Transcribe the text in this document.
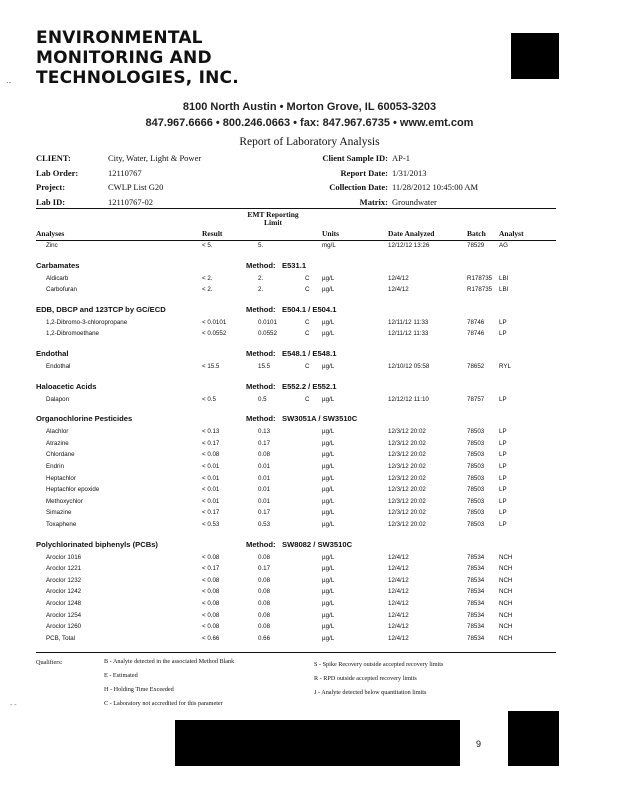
ENVIRONMENTAL
MONITORING AND
TECHNOLOGIES, INC.
·-
8100 North Austin • Morton Grove, IL 60053-3203
847.967.6666 • 800.246.0663 • fax: 847.967.6735 • www.emt.com
Report of Laboratory Analysis
CLIENT:	City, Water, Light & Power
Lab Order:	12110767
Project:	CWLP List G20
Lab ID:	12110767-02
Client Sample ID: AP-1
Report Date: 1/31/2013
Collection Date: 11/28/2012 10:45:00 AM
Matrix: Groundwater
Analyses	Result
EMT Reporting Limit
Units	Date Analyzed	Batch Analyst
Zinc	< 5.	5.	mg/L	12/12/12 13:26	78529 AG
Carbamates	Method: E531.1
Aldicarb	< 2.	2.	C µg/L	12/4/12	R178735 LBI
Carbofuran	< 2.	2.	C µg/L	12/4/12	R178735 LBI
EDB, DBCP and 123TCP by GC/ECD	Method: E504.1 / E504.1
1,2-Dibromo-3-chloropropane	< 0.0101	0.0101	C µg/L	12/11/12 11:33	78746 LP
1,2-Dibromoethane	< 0.0552	0.0552	C µg/L	12/11/12 11:33	78746 LP
Endothal	Method: E548.1 / E548.1
Endothal	< 15.5	15.5	C µg/L	12/10/12 05:58	78652 RYL
Haloacetic Acids	Method: E552.2 / E552.1
Dalapon	< 0.5	0.5	C µg/L	12/12/12 11:10	78757 LP
Organochlorine Pesticides	Method: SW3051A / SW3510C
Alachlor	< 0.13	0.13	µg/L	12/3/12 20:02	78503 LP
Atrazine	< 0.17	0.17	µg/L	12/3/12 20:02	78503 LP
Chlordane	< 0.08	0.08	µg/L	12/3/12 20:02	78503 LP
Endrin	< 0.01	0.01	µg/L	12/3/12 20:02	78503 LP
Heptachlor	< 0.01	0.01	µg/L	12/3/12 20:02	78503 LP
Heptachlor epoxide	< 0.01	0.01	µg/L	12/3/12 20:02	78503 LP
Methoxychlor	< 0.01	0.01	µg/L	12/3/12 20:02	78503 LP
Simazine	< 0.17	0.17	µg/L	12/3/12 20:02	78503 LP
Toxaphene	< 0.53	0.53	µg/L	12/3/12 20:02	78503 LP
Polychlorinated biphenyls (PCBs)	Method: SW8082 / SW3510C
Aroclor 1016	< 0.08	0.08	µg/L	12/4/12	78534 NCH
Aroclor 1221	< 0.17	0.17	µg/L	12/4/12	78534 NCH
Aroclor 1232	< 0.08	0.08	µg/L	12/4/12	78534 NCH
Aroclor 1242	< 0.08	0.08	µg/L	12/4/12	78534 NCH
Aroclor 1248	< 0.08	0.08	µg/L	12/4/12	78534 NCH
Aroclor 1254	< 0.08	0.08	µg/L	12/4/12	78534 NCH
Aroclor 1260	< 0.08	0.08	µg/L	12/4/12	78534 NCH
PCB, Total	< 0.66	0.66	µg/L	12/4/12	78534 NCH
Qualifiers:	B - Analyte detected in the associated Method Blank
E - Estimated
H - Holding Time Exceeded
C - Laboratory not accredited for this parameter
S - Spike Recovery outside accepted recovery limits
R - RPD outside accepted recovery limits
J - Analyte detected below quantitation limits
- -
9
